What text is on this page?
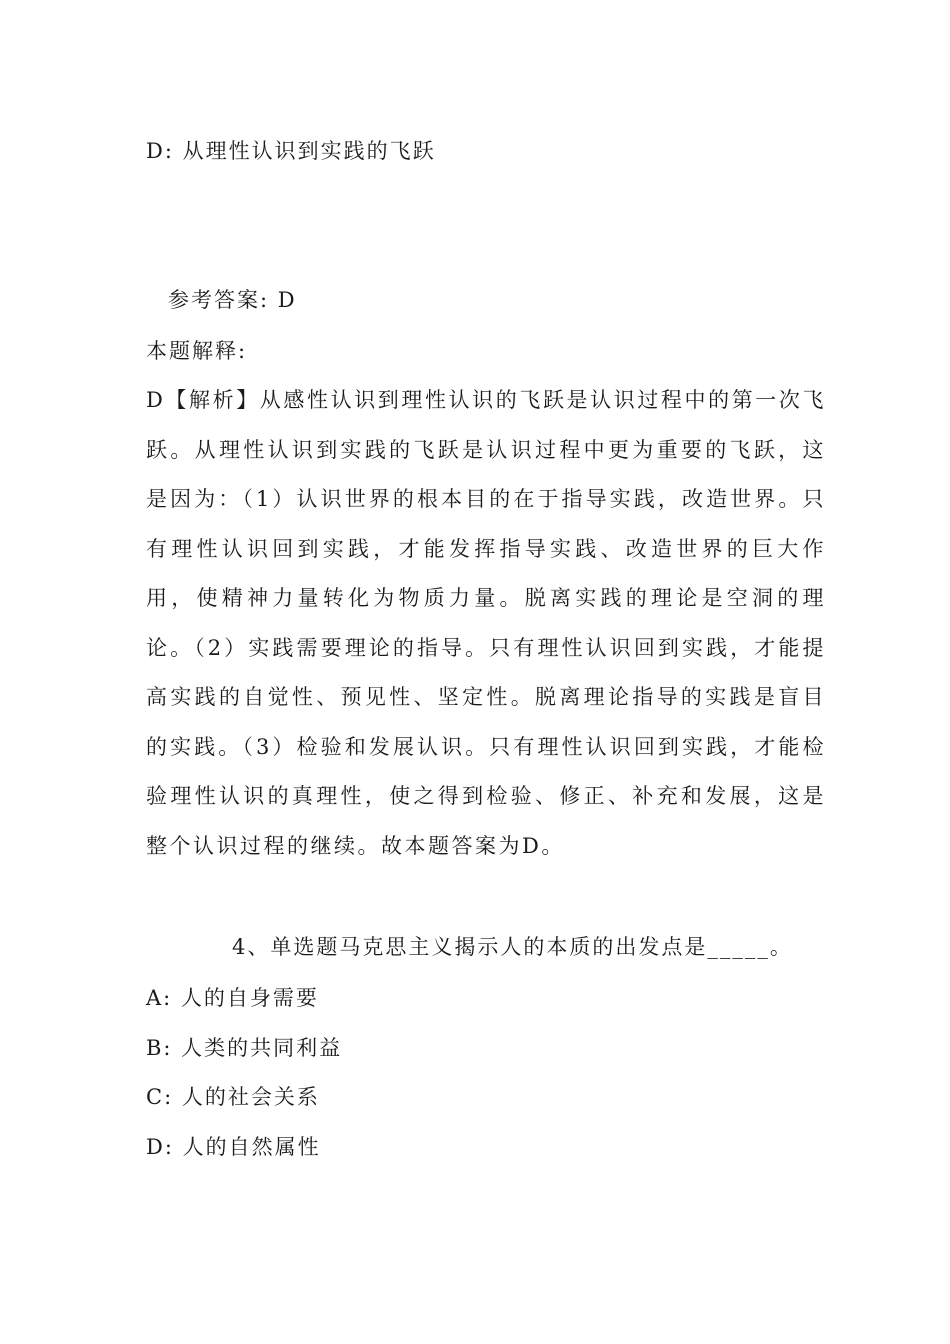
D: 从理性认识到实践的飞跃
参考答案: D
本题解释:
D【解析】从感性认识到理性认识的飞跃是认识过程中的第一次飞跃。从理性认识到实践的飞跃是认识过程中更为重要的飞跃，这是因为：（1）认识世界的根本目的在于指导实践，改造世界。只有理性认识回到实践，才能发挥指导实践、改造世界的巨大作用，使精神力量转化为物质力量。脱离实践的理论是空洞的理论。（2）实践需要理论的指导。只有理性认识回到实践，才能提高实践的自觉性、预见性、坚定性。脱离理论指导的实践是盲目的实践。（3）检验和发展认识。只有理性认识回到实践，才能检验理性认识的真理性，使之得到检验、修正、补充和发展，这是整个认识过程的继续。故本题答案为D。
4、单选题马克思主义揭示人的本质的出发点是_____。
A: 人的自身需要
B: 人类的共同利益
C: 人的社会关系
D: 人的自然属性
